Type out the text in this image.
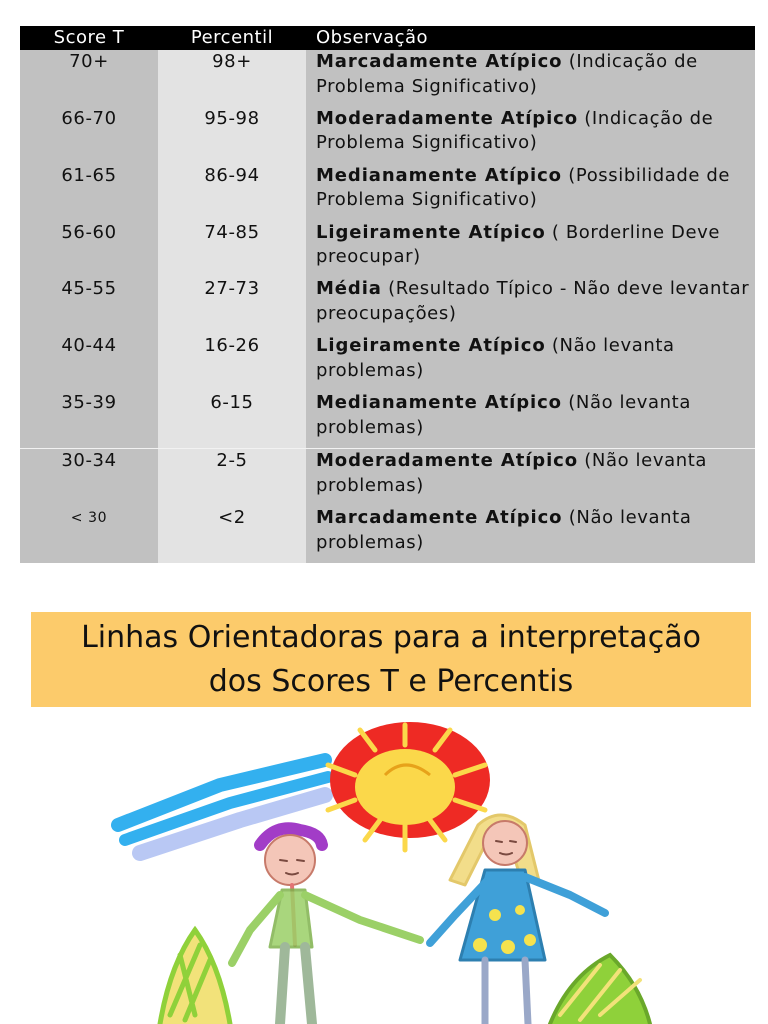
Score T	Percentil	Observação
70+	98+	Marcadamente Atípico (Indicação de Problema Significativo)
66-70	95-98	Moderadamente Atípico (Indicação de Problema Significativo)
61-65	86-94	Medianamente Atípico (Possibilidade de Problema Significativo)
56-60	74-85	Ligeiramente Atípico ( Borderline Deve preocupar)
45-55	27-73	Média (Resultado Típico - Não deve levantar preocupações)
40-44	16-26	Ligeiramente Atípico (Não levanta problemas)
35-39	6-15	Medianamente Atípico (Não levanta problemas)
30-34	2-5	Moderadamente Atípico (Não levanta problemas)
< 30	<2	Marcadamente Atípico (Não levanta problemas)
Linhas Orientadoras para a interpretação
dos Scores T e Percentis
